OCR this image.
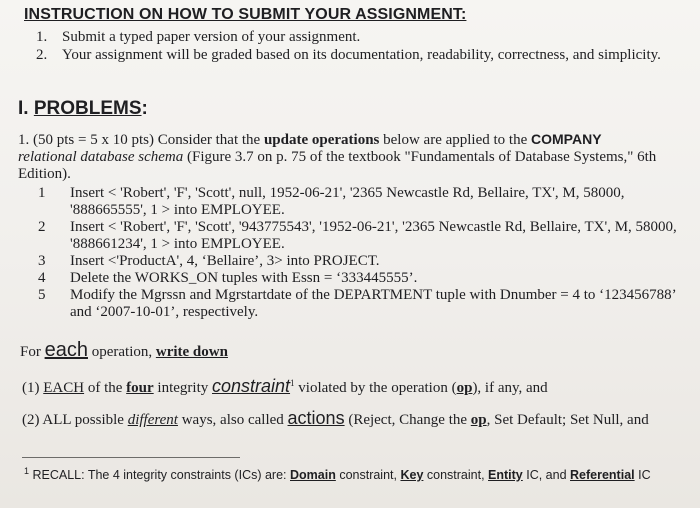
INSTRUCTION ON HOW TO SUBMIT YOUR ASSIGNMENT:
1. Submit a typed paper version of your assignment.
2. Your assignment will be graded based on its documentation, readability, correctness, and simplicity.
I. PROBLEMS:
1. (50 pts = 5 x 10 pts) Consider that the update operations below are applied to the COMPANY
relational database schema (Figure 3.7 on p. 75 of the textbook "Fundamentals of Database Systems," 6th Edition).
1	Insert < 'Robert', 'F', 'Scott', null, 1952-06-21', '2365 Newcastle Rd, Bellaire, TX', M, 58000, '888665555', 1 > into EMPLOYEE.
2	Insert < 'Robert', 'F', 'Scott', '943775543', '1952-06-21', '2365 Newcastle Rd, Bellaire, TX', M, 58000, '888661234', 1 > into EMPLOYEE.
3	Insert <'ProductA', 4, ‘Bellaire’, 3> into PROJECT.
4	Delete the WORKS_ON tuples with Essn = ‘333445555’.
5	Modify the Mgrssn and Mgrstartdate of the DEPARTMENT tuple with Dnumber = 4 to ‘123456788’ and ‘2007-10-01’, respectively.
For each operation, write down
(1) EACH of the four integrity constraint$^1$ violated by the operation (op), if any, and
(2) ALL possible different ways, also called actions (Reject, Change the op, Set Default; Set Null, and
$^1$ RECALL: The 4 integrity constraints (ICs) are: Domain constraint, Key constraint, Entity IC, and Referential IC
